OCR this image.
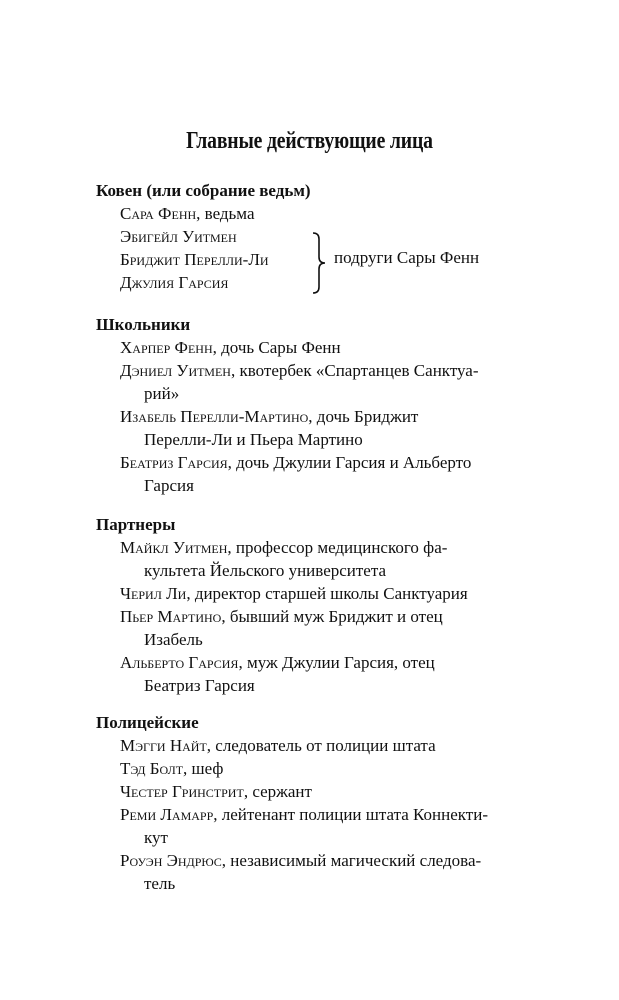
Главные действующие лица
Ковен (или собрание ведьм)
Сара Фенн, ведьма
Эбигейл Уитмен
Бриджит Перелли-Ли
Джулия Гарсия
подруги Сары Фенн
Школьники
Харпер Фенн, дочь Сары Фенн
Дэниел Уитмен, квотербек «Спартанцев Санктуа-
рий»
Изабель Перелли-Мартино, дочь Бриджит
Перелли-Ли и Пьера Мартино
Беатриз Гарсия, дочь Джулии Гарсия и Альберто
Гарсия
Партнеры
Майкл Уитмен, профессор медицинского фа-
культета Йельского университета
Черил Ли, директор старшей школы Санктуария
Пьер Мартино, бывший муж Бриджит и отец
Изабель
Альберто Гарсия, муж Джулии Гарсия, отец
Беатриз Гарсия
Полицейские
Мэгги Найт, следователь от полиции штата
Тэд Болт, шеф
Честер Гринстрит, сержант
Реми Ламарр, лейтенант полиции штата Коннекти-
кут
Роуэн Эндрюс, независимый магический следова-
тель
